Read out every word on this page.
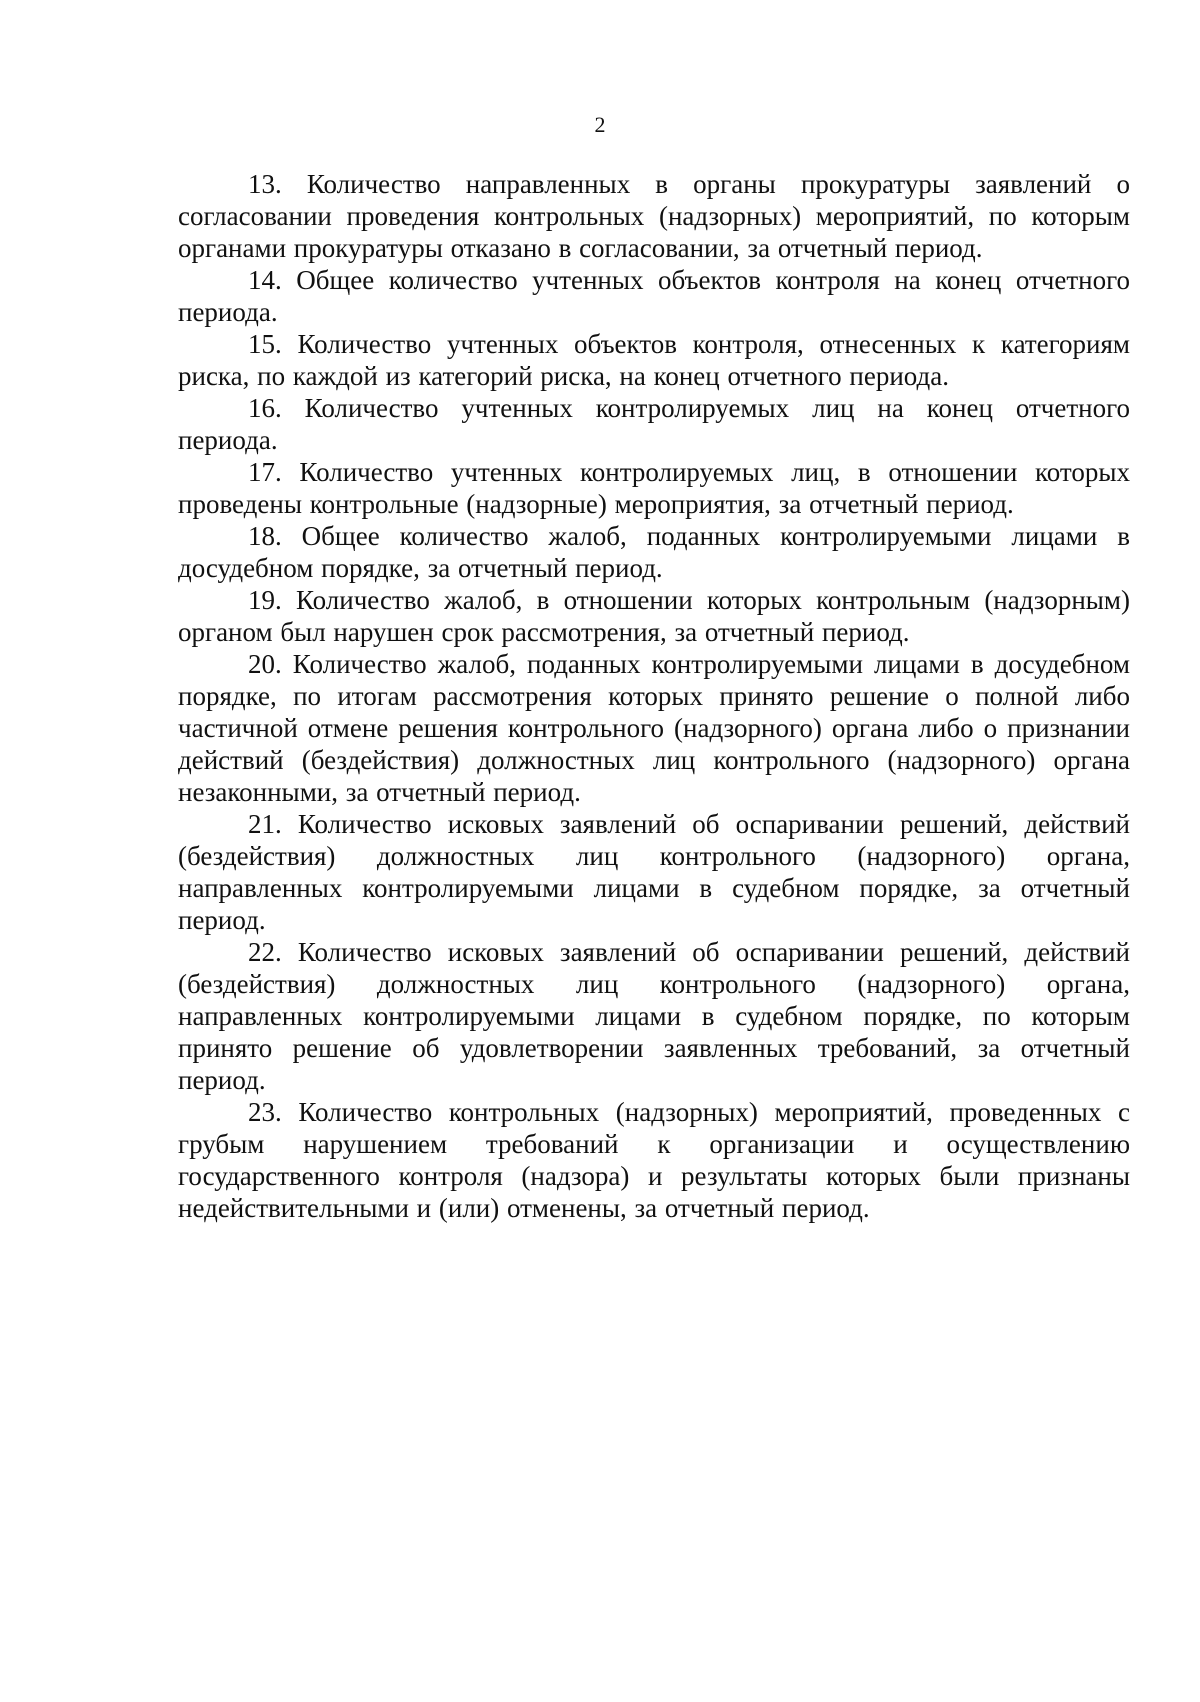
2

13. Количество направленных в органы прокуратуры заявлений о согласовании проведения контрольных (надзорных) мероприятий, по которым органами прокуратуры отказано в согласовании, за отчетный период.

14. Общее количество учтенных объектов контроля на конец отчетного периода.

15. Количество учтенных объектов контроля, отнесенных к категориям риска, по каждой из категорий риска, на конец отчетного периода.

16. Количество учтенных контролируемых лиц на конец отчетного периода.

17. Количество учтенных контролируемых лиц, в отношении которых проведены контрольные (надзорные) мероприятия, за отчетный период.

18. Общее количество жалоб, поданных контролируемыми лицами в досудебном порядке, за отчетный период.

19. Количество жалоб, в отношении которых контрольным (надзорным) органом был нарушен срок рассмотрения, за отчетный период.

20. Количество жалоб, поданных контролируемыми лицами в досудебном порядке, по итогам рассмотрения которых принято решение о полной либо частичной отмене решения контрольного (надзорного) органа либо о признании действий (бездействия) должностных лиц контрольного (надзорного) органа незаконными, за отчетный период.

21. Количество исковых заявлений об оспаривании решений, действий (бездействия) должностных лиц контрольного (надзорного) органа, направленных контролируемыми лицами в судебном порядке, за отчетный период.

22. Количество исковых заявлений об оспаривании решений, действий (бездействия) должностных лиц контрольного (надзорного) органа, направленных контролируемыми лицами в судебном порядке, по которым принято решение об удовлетворении заявленных требований, за отчетный период.

23. Количество контрольных (надзорных) мероприятий, проведенных с грубым нарушением требований к организации и осуществлению государственного контроля (надзора) и результаты которых были признаны недействительными и (или) отменены, за отчетный период.
